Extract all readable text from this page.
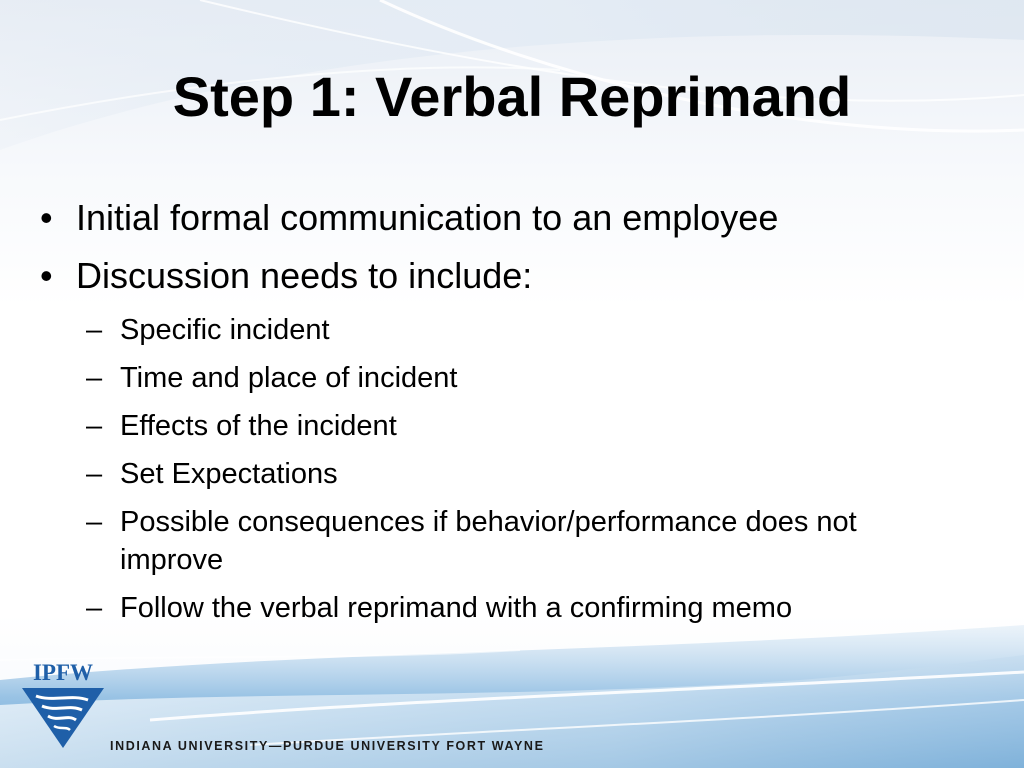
Step 1: Verbal Reprimand
• Initial formal communication to an employee
• Discussion needs to include:
– Specific incident
– Time and place of incident
– Effects of the incident
– Set Expectations
– Possible consequences if behavior/performance does not improve
– Follow the verbal reprimand with a confirming memo
IPFW
INDIANA UNIVERSITY—PURDUE UNIVERSITY FORT WAYNE
